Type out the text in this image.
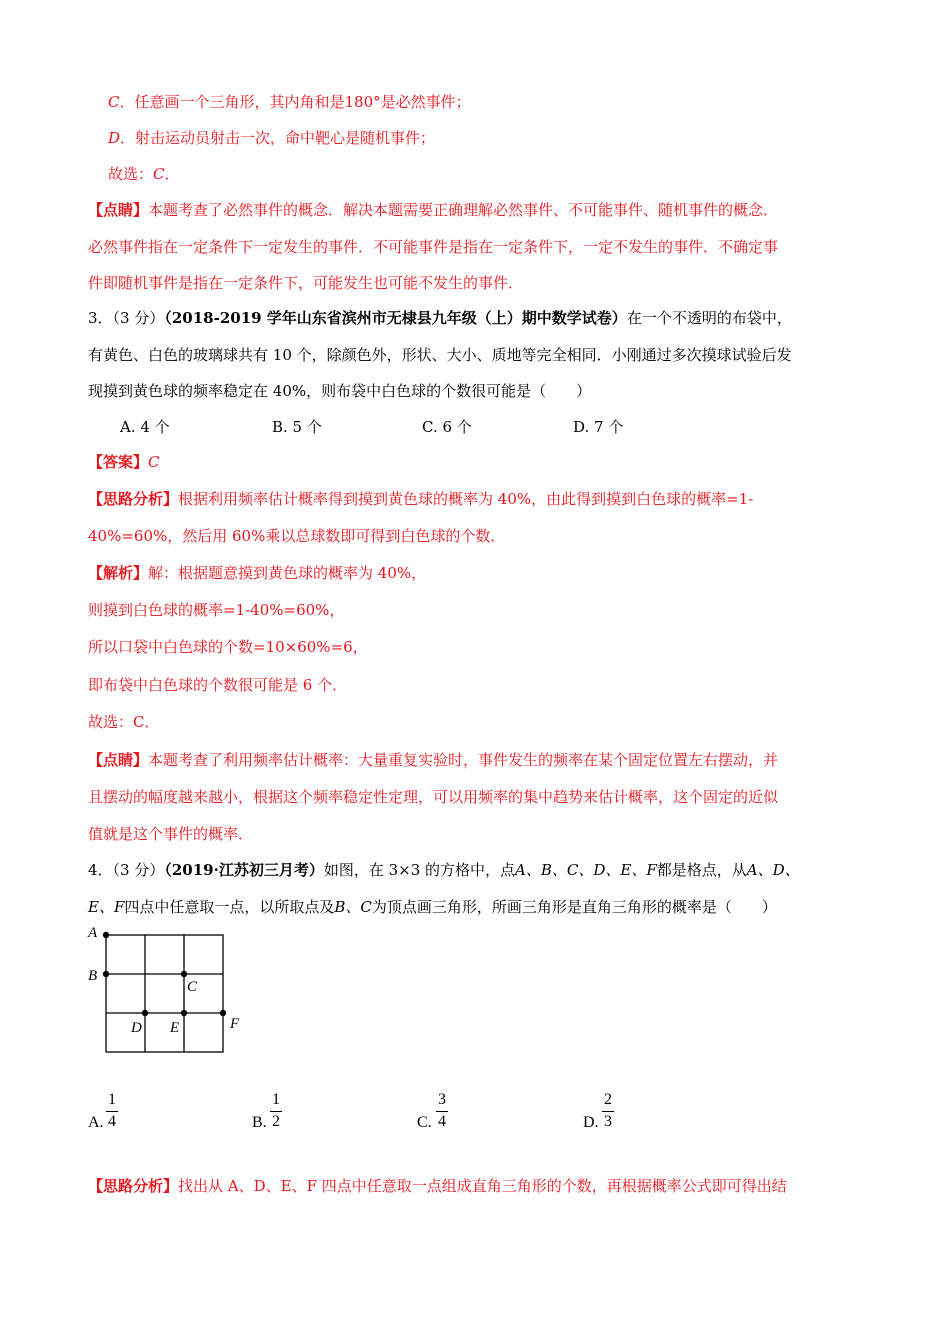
C．任意画一个三角形，其内角和是180°是必然事件；
D．射击运动员射击一次，命中靶心是随机事件；
故选：C．
【点睛】本题考查了必然事件的概念．解决本题需要正确理解必然事件、不可能事件、随机事件的概念．
必然事件指在一定条件下一定发生的事件．不可能事件是指在一定条件下，一定不发生的事件．不确定事
件即随机事件是指在一定条件下，可能发生也可能不发生的事件．
3．（3 分）（2018-2019 学年山东省滨州市无棣县九年级（上）期中数学试卷）在一个不透明的布袋中，
有黄色、白色的玻璃球共有 10 个，除颜色外，形状、大小、质地等完全相同．小刚通过多次摸球试验后发
现摸到黄色球的频率稳定在 40%，则布袋中白色球的个数很可能是（　　）
A. 4 个	B. 5 个	C. 6 个	D. 7 个
【答案】C
【思路分析】根据利用频率估计概率得到摸到黄色球的概率为 40%，由此得到摸到白色球的概率=1-
40%=60%，然后用 60%乘以总球数即可得到白色球的个数．
【解析】解：根据题意摸到黄色球的概率为 40%，
则摸到白色球的概率=1-40%=60%，
所以口袋中白色球的个数=10×60%=6，
即布袋中白色球的个数很可能是 6 个．
故选：C．
【点睛】本题考查了利用频率估计概率：大量重复实验时，事件发生的频率在某个固定位置左右摆动，并
且摆动的幅度越来越小，根据这个频率稳定性定理，可以用频率的集中趋势来估计概率，这个固定的近似
值就是这个事件的概率．
4．（3 分）（2019·江苏初三月考）如图，在 3×3 的方格中，点A、B、C、D、E、F都是格点，从A、D、
E、F四点中任意取一点，以所取点及B、C为顶点画三角形，所画三角形是直角三角形的概率是（　　）
A
B
C
D E	F
A.
1
4	B.
1
2	C.
3
4	D.
2
3
【思路分析】找出从 A、D、E、F 四点中任意取一点组成直角三角形的个数，再根据概率公式即可得出结
